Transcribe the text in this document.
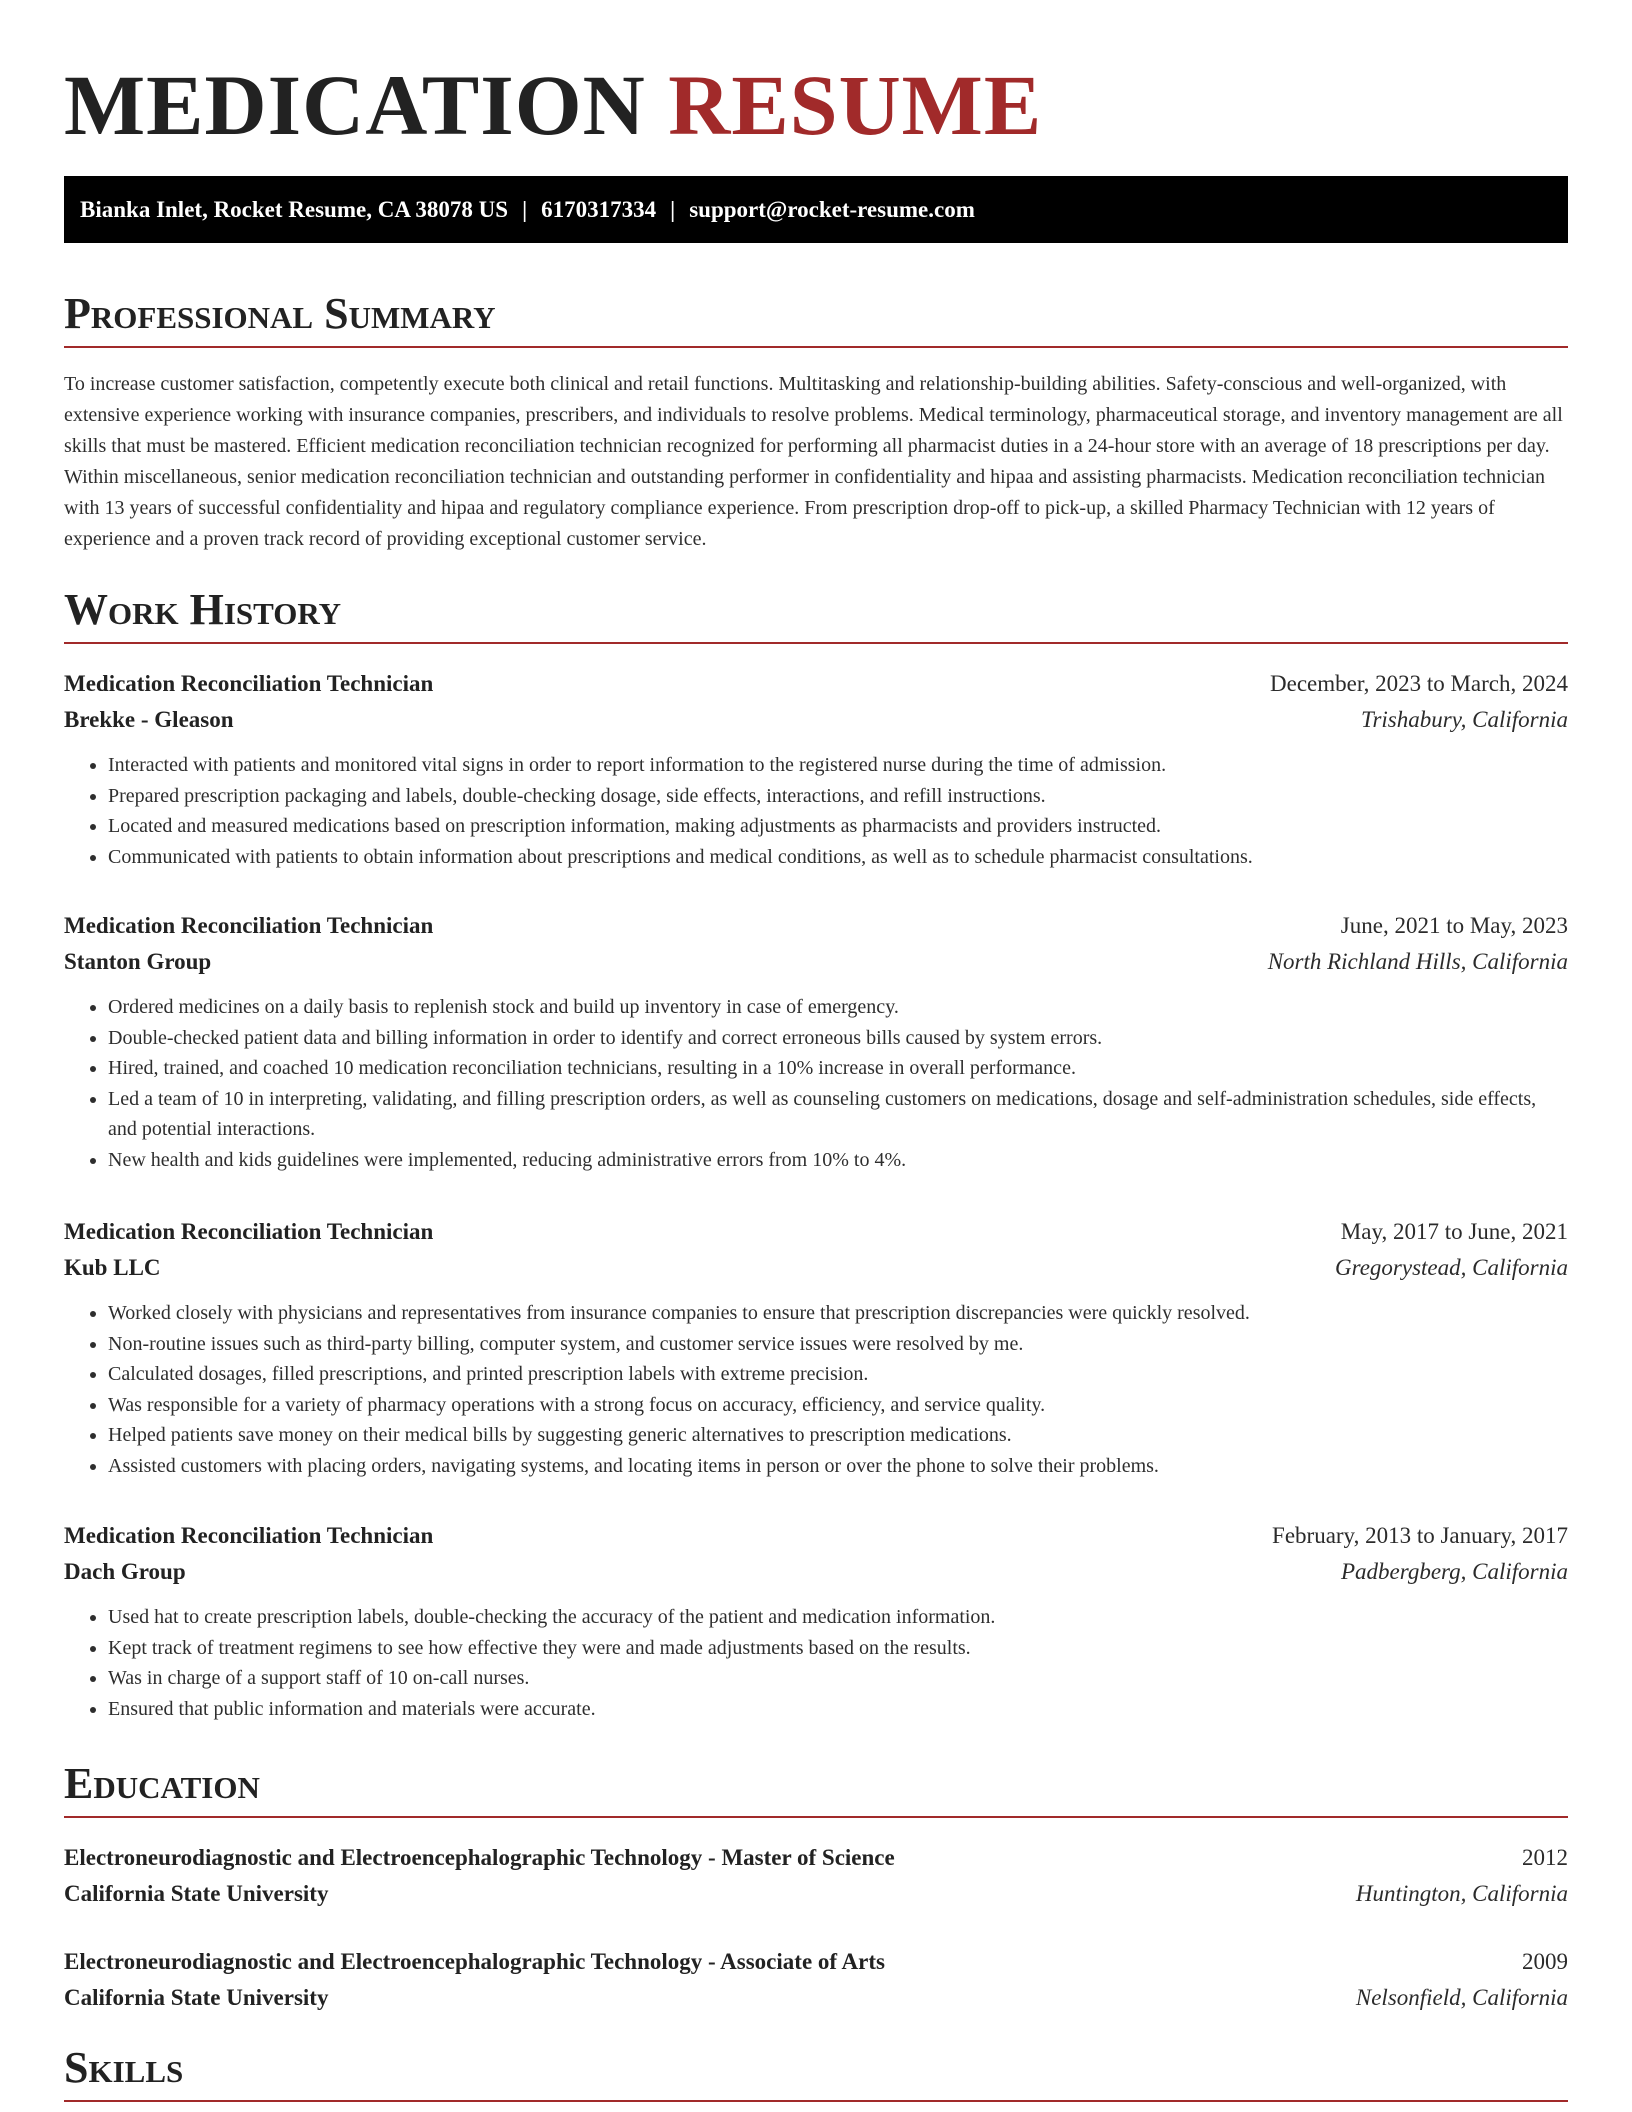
MEDICATION RESUME
Bianka Inlet, Rocket Resume, CA 38078 US | 6170317334 | support@rocket-resume.com
Professional Summary

To increase customer satisfaction, competently execute both clinical and retail functions. Multitasking and relationship-building abilities. Safety-conscious and well-organized, with extensive experience working with insurance companies, prescribers, and individuals to resolve problems. Medical terminology, pharmaceutical storage, and inventory management are all skills that must be mastered. Efficient medication reconciliation technician recognized for performing all pharmacist duties in a 24-hour store with an average of 18 prescriptions per day. Within miscellaneous, senior medication reconciliation technician and outstanding performer in confidentiality and hipaa and assisting pharmacists. Medication reconciliation technician with 13 years of successful confidentiality and hipaa and regulatory compliance experience. From prescription drop-off to pick-up, a skilled Pharmacy Technician with 12 years of experience and a proven track record of providing exceptional customer service.

Work History
Medication Reconciliation Technician	December, 2023 to March, 2024
Brekke - Gleason	Trishabury, California
• Interacted with patients and monitored vital signs in order to report information to the registered nurse during the time of admission.
• Prepared prescription packaging and labels, double-checking dosage, side effects, interactions, and refill instructions.
• Located and measured medications based on prescription information, making adjustments as pharmacists and providers instructed.
• Communicated with patients to obtain information about prescriptions and medical conditions, as well as to schedule pharmacist consultations.
Medication Reconciliation Technician	June, 2021 to May, 2023
Stanton Group	North Richland Hills, California
• Ordered medicines on a daily basis to replenish stock and build up inventory in case of emergency.
• Double-checked patient data and billing information in order to identify and correct erroneous bills caused by system errors.
• Hired, trained, and coached 10 medication reconciliation technicians, resulting in a 10% increase in overall performance.
• Led a team of 10 in interpreting, validating, and filling prescription orders, as well as counseling customers on medications, dosage and self-administration schedules, side effects, and potential interactions.
• New health and kids guidelines were implemented, reducing administrative errors from 10% to 4%.
Medication Reconciliation Technician	May, 2017 to June, 2021
Kub LLC	Gregorystead, California
• Worked closely with physicians and representatives from insurance companies to ensure that prescription discrepancies were quickly resolved.
• Non-routine issues such as third-party billing, computer system, and customer service issues were resolved by me.
• Calculated dosages, filled prescriptions, and printed prescription labels with extreme precision.
• Was responsible for a variety of pharmacy operations with a strong focus on accuracy, efficiency, and service quality.
• Helped patients save money on their medical bills by suggesting generic alternatives to prescription medications.
• Assisted customers with placing orders, navigating systems, and locating items in person or over the phone to solve their problems.
Medication Reconciliation Technician	February, 2013 to January, 2017
Dach Group	Padbergberg, California
• Used hat to create prescription labels, double-checking the accuracy of the patient and medication information.
• Kept track of treatment regimens to see how effective they were and made adjustments based on the results.
• Was in charge of a support staff of 10 on-call nurses.
• Ensured that public information and materials were accurate.
Education
Electroneurodiagnostic and Electroencephalographic Technology - Master of Science	2012
California State University	Huntington, California
Electroneurodiagnostic and Electroencephalographic Technology - Associate of Arts	2009
California State University	Nelsonfield, California
Skills
